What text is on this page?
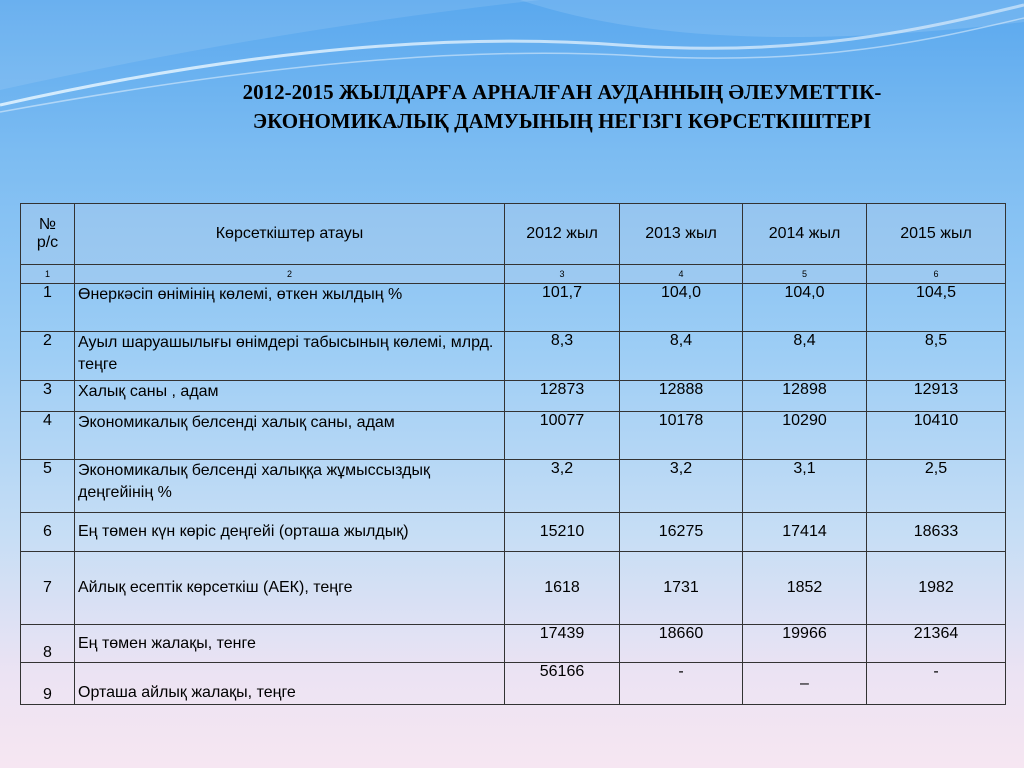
2012-2015 ЖЫЛДАРҒА АРНАЛҒАН АУДАННЫҢ ӘЛЕУМЕТТІК-
ЭКОНОМИКАЛЫҚ ДАМУЫНЫҢ НЕГІЗГІ КӨРСЕТКІШТЕРІ
№
р/с	Көрсеткіштер атауы	2012 жыл	2013 жыл	2014 жыл	2015 жыл
1	2	3	4	5	6
1	Өнеркәсіп өнімінің көлемі, өткен жылдың %	101,7	104,0	104,0	104,5
2	Ауыл шаруашылығы өнімдері табысының көлемі, млрд. теңге	8,3	8,4	8,4	8,5
3	Халық саны , адам	12873	12888	12898	12913
4	Экономикалық белсенді халық саны, адам	10077	10178	10290	10410
5	Экономикалық белсенді халыққа жұмыссыздық деңгейінің %	3,2	3,2	3,1	2,5
6	Ең төмен күн көріс деңгейі (орташа жылдық)	15210	16275	17414	18633
7	Айлық есептік көрсеткіш (АЕК), теңге	1618	1731	1852	1982
8	Ең төмен жалақы, тенге	17439	18660	19966	21364
9	Орташа айлық жалақы, теңге	56166	-	–	-
